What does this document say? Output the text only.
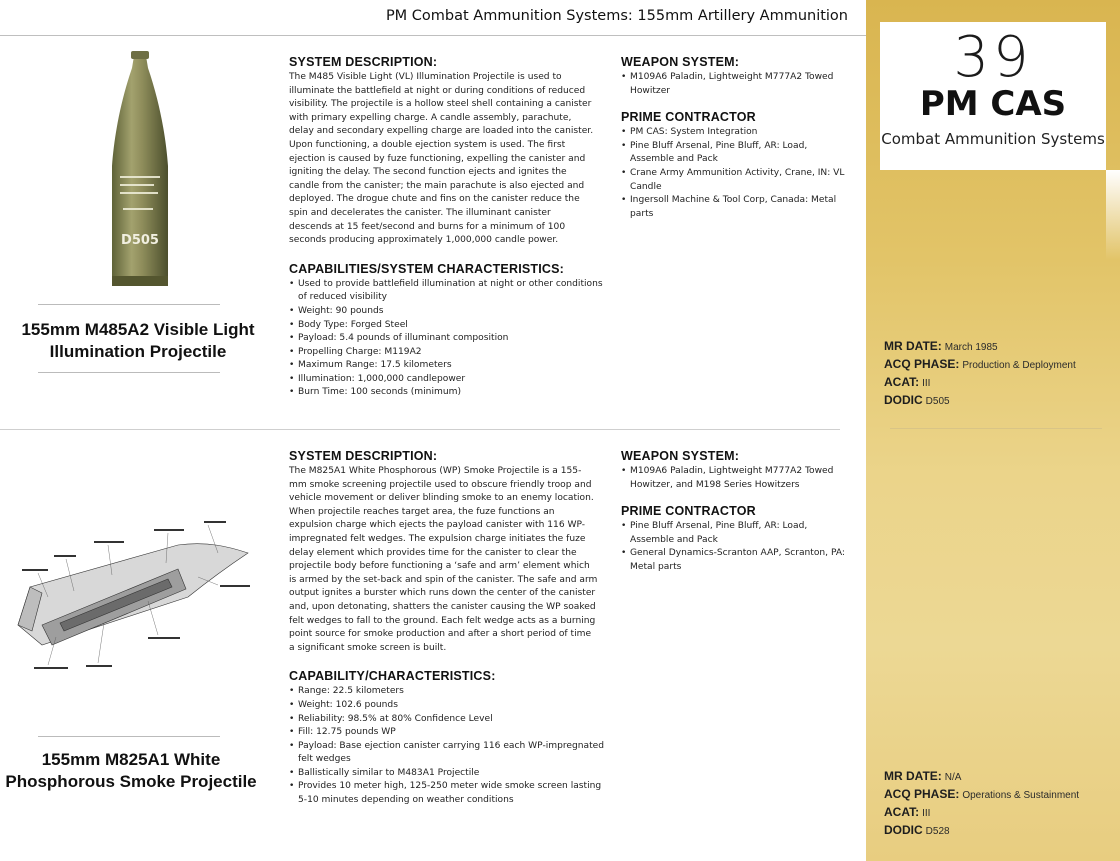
PM Combat Ammunition Systems: 155mm Artillery Ammunition
39
PM CAS
Combat Ammunition Systems
MR DATE: March 1985
ACQ PHASE: Production & Deployment
ACAT: III
DODIC D505
MR DATE: N/A
ACQ PHASE: Operations & Sustainment
ACAT: III
DODIC D528
D505
155mm M485A2 Visible Light
Illumination Projectile
SYSTEM DESCRIPTION:
The M485 Visible Light (VL) Illumination Projectile is used to
illuminate the battlefield at night or during conditions of reduced
visibility. The projectile is a hollow steel shell containing a canister
with primary expelling charge. A candle assembly, parachute,
delay and secondary expelling charge are loaded into the canister.
Upon functioning, a double ejection system is used. The first
ejection is caused by fuze functioning, expelling the canister and
igniting the delay. The second function ejects and ignites the
candle from the canister; the main parachute is also ejected and
deployed. The drogue chute and fins on the canister reduce the
spin and decelerates the canister. The illuminant canister
descends at 15 feet/second and burns for a minimum of 100
seconds producing approximately 1,000,000 candle power.
CAPABILITIES/SYSTEM CHARACTERISTICS:
• Used to provide battlefield illumination at night or other conditions of reduced visibility
• Weight: 90 pounds
• Body Type: Forged Steel
• Payload: 5.4 pounds of illuminant composition
• Propelling Charge: M119A2
• Maximum Range: 17.5 kilometers
• Illumination: 1,000,000 candlepower
• Burn Time: 100 seconds (minimum)
WEAPON SYSTEM:
• M109A6 Paladin, Lightweight M777A2 Towed Howitzer
PRIME CONTRACTOR
• PM CAS: System Integration
• Pine Bluff Arsenal, Pine Bluff, AR: Load, Assemble and Pack
• Crane Army Ammunition Activity, Crane, IN: VL Candle
• Ingersoll Machine & Tool Corp, Canada: Metal parts
155mm M825A1 White
Phosphorous Smoke Projectile
SYSTEM DESCRIPTION:
The M825A1 White Phosphorous (WP) Smoke Projectile is a 155-
mm smoke screening projectile used to obscure friendly troop and
vehicle movement or deliver blinding smoke to an enemy location.
When projectile reaches target area, the fuze functions an
expulsion charge which ejects the payload canister with 116 WP-
impregnated felt wedges. The expulsion charge initiates the fuze
delay element which provides time for the canister to clear the
projectile body before functioning a ‘safe and arm’ element which
is armed by the set-back and spin of the canister. The safe and arm
output ignites a burster which runs down the center of the canister
and, upon detonating, shatters the canister causing the WP soaked
felt wedges to fall to the ground. Each felt wedge acts as a burning
point source for smoke production and after a short period of time
a significant smoke screen is built.
CAPABILITY/CHARACTERISTICS:
• Range: 22.5 kilometers
• Weight: 102.6 pounds
• Reliability: 98.5% at 80% Confidence Level
• Fill: 12.75 pounds WP
• Payload: Base ejection canister carrying 116 each WP-impregnated felt wedges
• Ballistically similar to M483A1 Projectile
• Provides 10 meter high, 125-250 meter wide smoke screen lasting 5-10 minutes depending on weather conditions
WEAPON SYSTEM:
• M109A6 Paladin, Lightweight M777A2 Towed Howitzer, and M198 Series Howitzers
PRIME CONTRACTOR
• Pine Bluff Arsenal, Pine Bluff, AR: Load, Assemble and Pack
• General Dynamics-Scranton AAP, Scranton, PA: Metal parts
